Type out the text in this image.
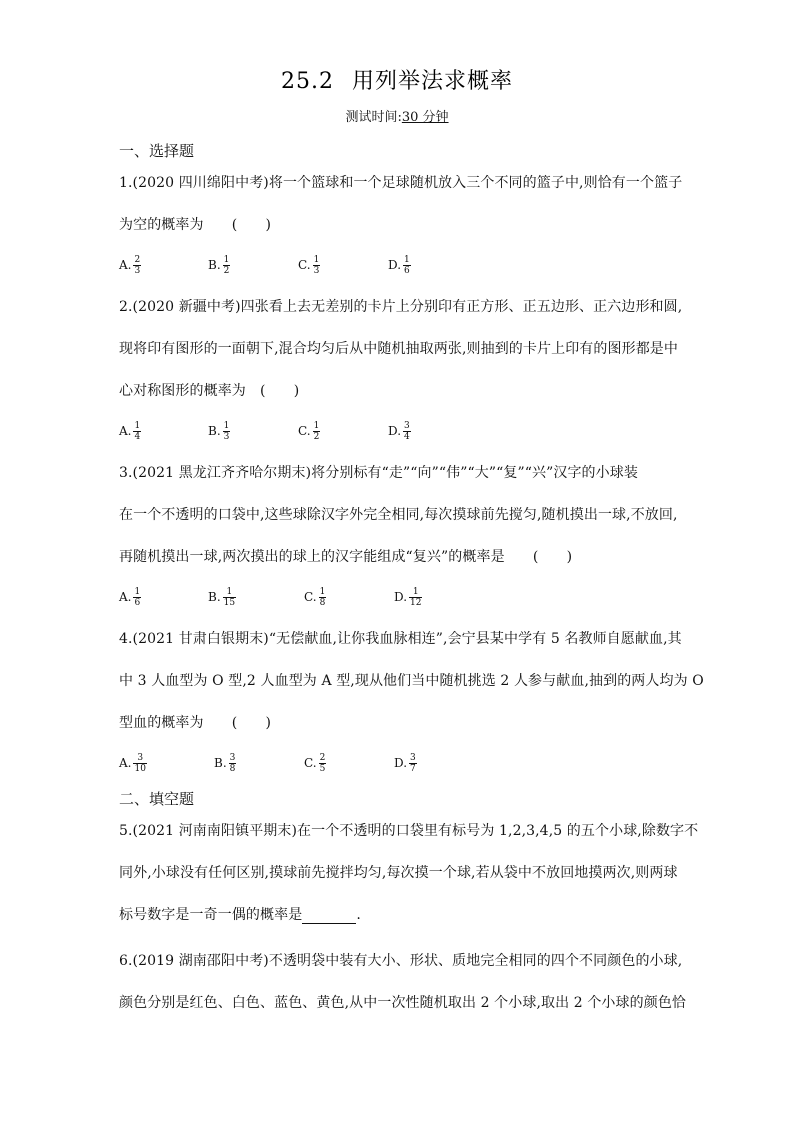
25.2 用列举法求概率
测试时间:30 分钟
一、选择题
1.(2020 四川绵阳中考)将一个篮球和一个足球随机放入三个不同的篮子中,则恰有一个篮子
为空的概率为　　(　　)
A. $\frac{2}{3}$	B. $\frac{1}{2}$	C. $\frac{1}{3}$	D. $\frac{1}{6}$
2.(2020 新疆中考)四张看上去无差别的卡片上分别印有正方形、正五边形、正六边形和圆,
现将印有图形的一面朝下,混合均匀后从中随机抽取两张,则抽到的卡片上印有的图形都是中
心对称图形的概率为　(　　)
A. $\frac{1}{4}$	B. $\frac{1}{3}$	C. $\frac{1}{2}$	D. $\frac{3}{4}$
3.(2021 黑龙江齐齐哈尔期末)将分别标有“走”“向”“伟”“大”“复”“兴”汉字的小球装
在一个不透明的口袋中,这些球除汉字外完全相同,每次摸球前先搅匀,随机摸出一球,不放回,
再随机摸出一球,两次摸出的球上的汉字能组成“复兴”的概率是　　(　　)
A. $\frac{1}{6}$	B. $\frac{1}{15}$	C. $\frac{1}{8}$	D. $\frac{1}{12}$
4.(2021 甘肃白银期末)“无偿献血,让你我血脉相连”,会宁县某中学有 5 名教师自愿献血,其
中 3 人血型为 O 型,2 人血型为 A 型,现从他们当中随机挑选 2 人参与献血,抽到的两人均为 O
型血的概率为　　(　　)
A. $\frac{3}{10}$	B. $\frac{3}{8}$	C. $\frac{2}{5}$	D. $\frac{3}{7}$
二、填空题
5.(2021 河南南阳镇平期末)在一个不透明的口袋里有标号为 1,2,3,4,5 的五个小球,除数字不
同外,小球没有任何区别,摸球前先搅拌均匀,每次摸一个球,若从袋中不放回地摸两次,则两球
标号数字是一奇一偶的概率是	.
6.(2019 湖南邵阳中考)不透明袋中装有大小、形状、质地完全相同的四个不同颜色的小球,
颜色分别是红色、白色、蓝色、黄色,从中一次性随机取出 2 个小球,取出 2 个小球的颜色恰
